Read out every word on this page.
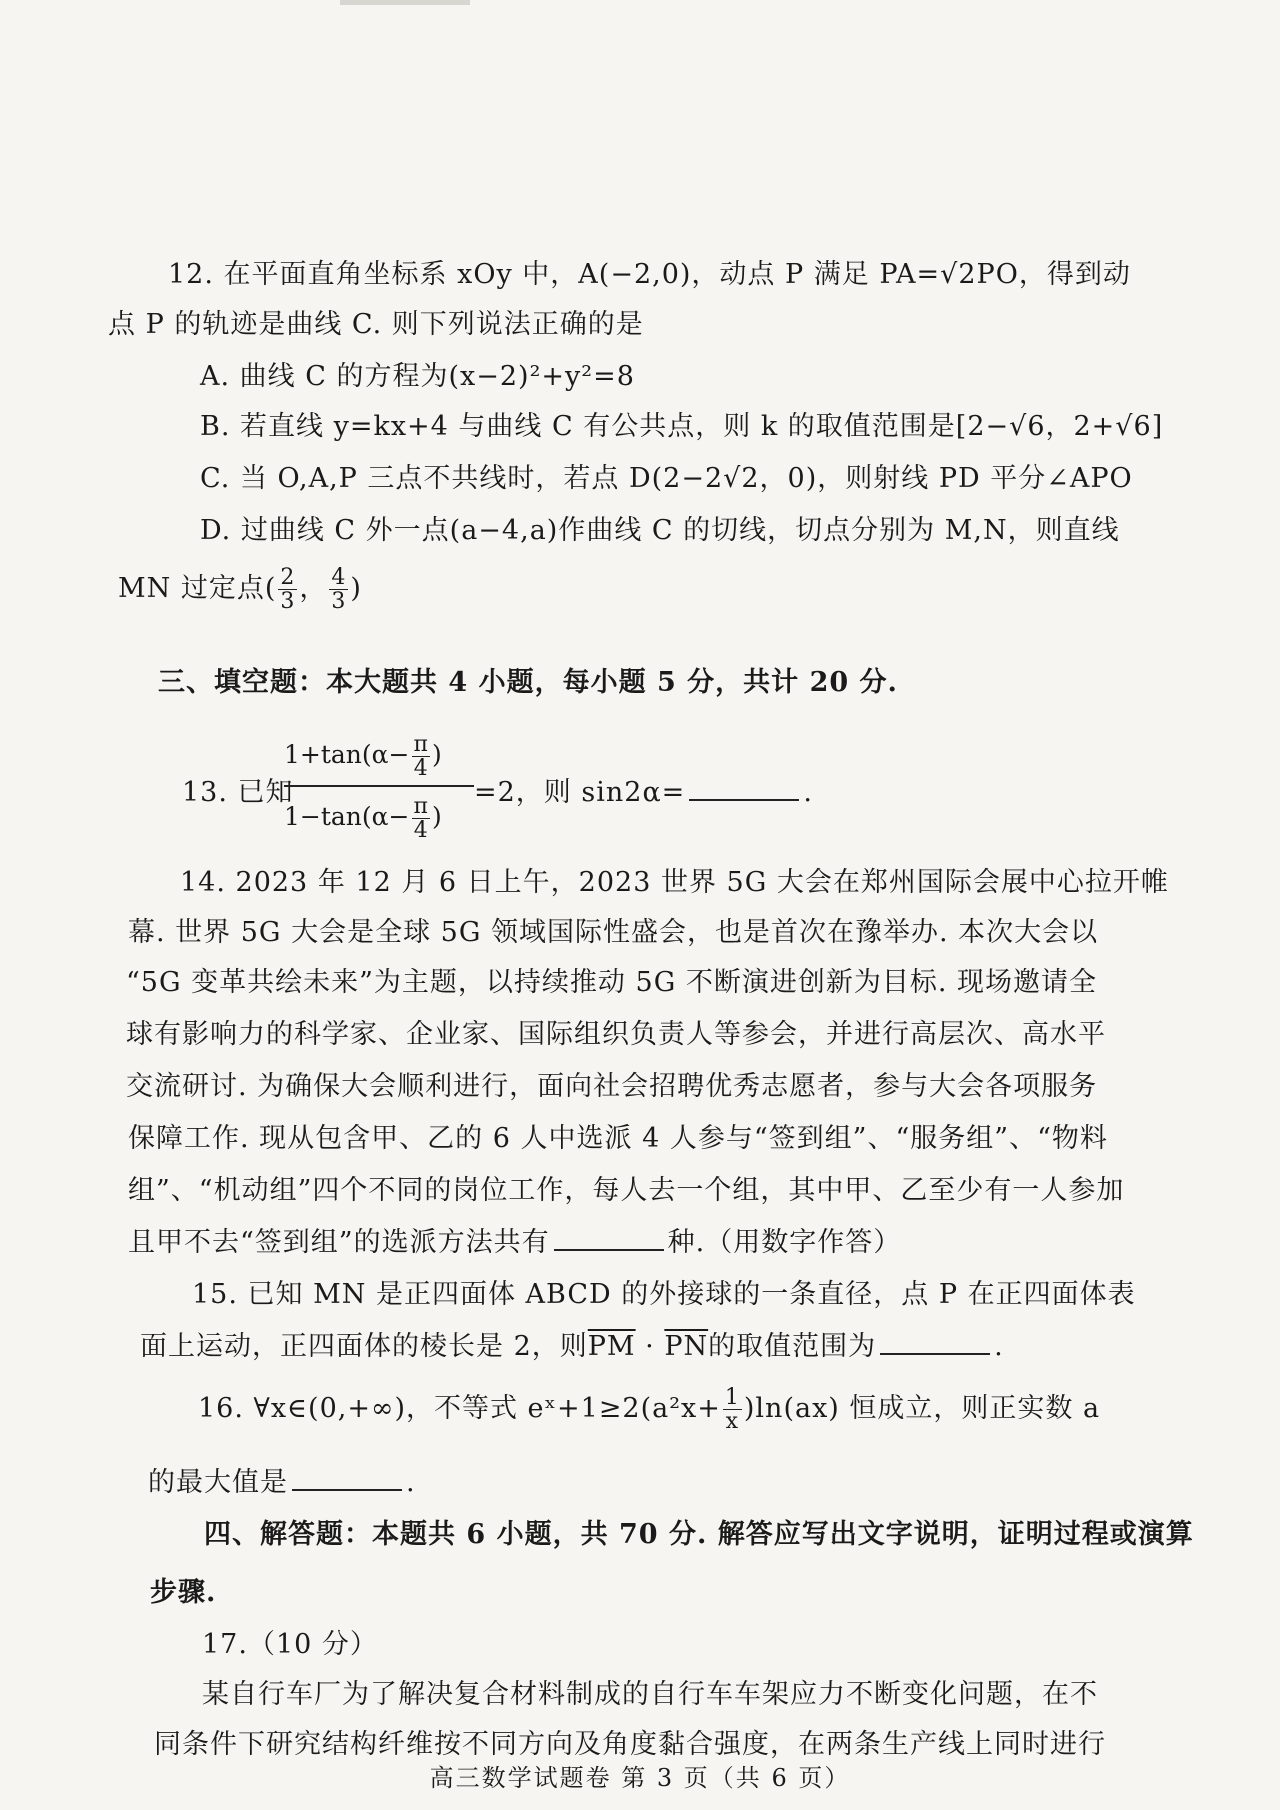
12. 在平面直角坐标系 xOy 中，A(−2,0)，动点 P 满足 PA=√2PO，得到动
点 P 的轨迹是曲线 C. 则下列说法正确的是
A. 曲线 C 的方程为(x−2)²+y²=8
B. 若直线 y=kx+4 与曲线 C 有公共点，则 k 的取值范围是[2−√6，2+√6]
C. 当 O,A,P 三点不共线时，若点 D(2−2√2，0)，则射线 PD 平分∠APO
D. 过曲线 C 外一点(a−4,a)作曲线 C 的切线，切点分别为 M,N，则直线
MN 过定点( $\frac{2}{3}$ ， $\frac{4}{3}$ )
三、填空题：本大题共 4 小题，每小题 5 分，共计 20 分.
13. 已知
$1+\tan(\alpha- \frac{\pi}{4}$ )
$1-\tan(\alpha- \frac{\pi}{4}$ )
=2，则 sin2α=	.
14. 2023 年 12 月 6 日上午，2023 世界 5G 大会在郑州国际会展中心拉开帷
幕. 世界 5G 大会是全球 5G 领域国际性盛会，也是首次在豫举办. 本次大会以
“5G 变革共绘未来”为主题，以持续推动 5G 不断演进创新为目标. 现场邀请全
球有影响力的科学家、企业家、国际组织负责人等参会，并进行高层次、高水平
交流研讨. 为确保大会顺利进行，面向社会招聘优秀志愿者，参与大会各项服务
保障工作. 现从包含甲、乙的 6 人中选派 4 人参与“签到组”、“服务组”、“物料
组”、“机动组”四个不同的岗位工作，每人去一个组，其中甲、乙至少有一人参加
且甲不去“签到组”的选派方法共有	种.（用数字作答）
15. 已知 MN 是正四面体 ABCD 的外接球的一条直径，点 P 在正四面体表
面上运动，正四面体的棱长是 2，则$\overline{PM} \cdot \overline{PN}$的取值范围为	.
16. ∀x∈(0,+∞)，不等式 eˣ+1≥2(a²x+ $\frac{1}{x} )\ln(ax)$ 恒成立，则正实数 a
的最大值是	.
四、解答题：本题共 6 小题，共 70 分. 解答应写出文字说明，证明过程或演算
步骤.
17.（10 分）
某自行车厂为了解决复合材料制成的自行车车架应力不断变化问题，在不
同条件下研究结构纤维按不同方向及角度黏合强度，在两条生产线上同时进行
高三数学试题卷 第 3 页（共 6 页）
